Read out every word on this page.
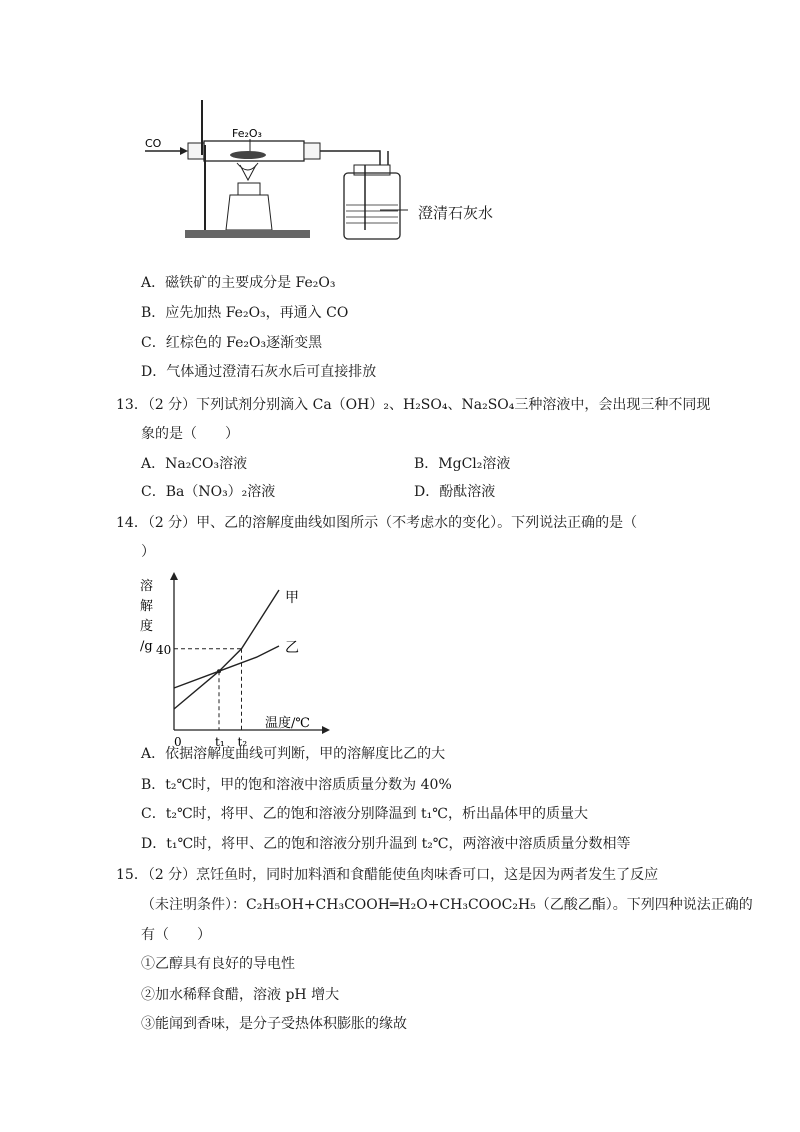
CO
Fe₂O₃
澄清石灰水
A．磁铁矿的主要成分是 Fe₂O₃
B．应先加热 Fe₂O₃，再通入 CO
C．红棕色的 Fe₂O₃逐渐变黑
D．气体通过澄清石灰水后可直接排放
13．（2 分）下列试剂分别滴入 Ca（OH）₂、H₂SO₄、Na₂SO₄三种溶液中，会出现三种不同现
象的是（　　）
A．Na₂CO₃溶液	B．MgCl₂溶液
C．Ba（NO₃）₂溶液	D．酚酞溶液
14．（2 分）甲、乙的溶解度曲线如图所示（不考虑水的变化）。下列说法正确的是（
）
溶
解
度
/g 40
0	t₁ t₂
温度/℃
甲
乙
A．依据溶解度曲线可判断，甲的溶解度比乙的大
B．t₂℃时，甲的饱和溶液中溶质质量分数为 40%
C．t₂℃时，将甲、乙的饱和溶液分别降温到 t₁℃，析出晶体甲的质量大
D．t₁℃时，将甲、乙的饱和溶液分别升温到 t₂℃，两溶液中溶质质量分数相等
15．（2 分）烹饪鱼时，同时加料酒和食醋能使鱼肉味香可口，这是因为两者发生了反应
（未注明条件）：C₂H₅OH+CH₃COOH═H₂O+CH₃COOC₂H₅（乙酸乙酯）。下列四种说法正确的
有（　　）
①乙醇具有良好的导电性
②加水稀释食醋，溶液 pH 增大
③能闻到香味，是分子受热体积膨胀的缘故
